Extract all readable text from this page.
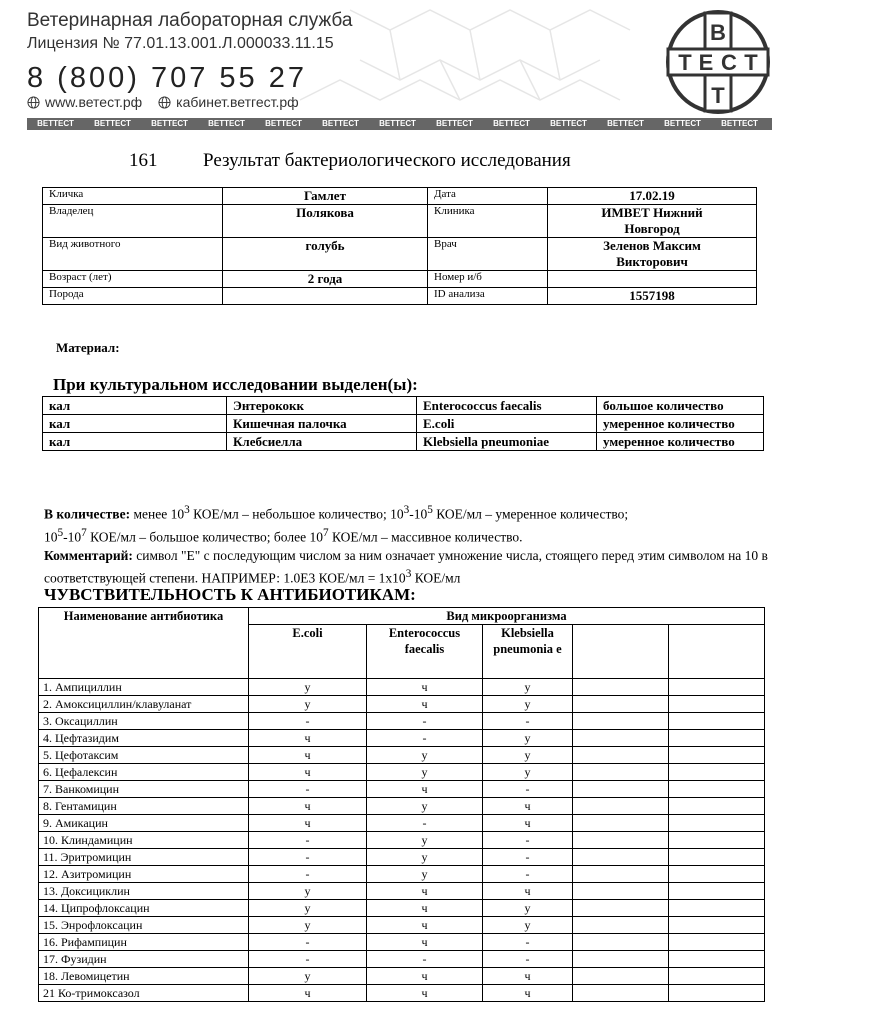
Ветеринарная лабораторная служба
Лицензия № 77.01.13.001.Л.000033.11.15
8 (800) 707 55 27
www.ветест.рф кабинет.ветгест.рф
В
Т Е С Т
Т
ВЕТТЕСТ	ВЕТТЕСТ	ВЕТТЕСТ	ВЕТТЕСТ	ВЕТТЕСТ	ВЕТТЕСТ	ВЕТТЕСТ	ВЕТТЕСТ	ВЕТТЕСТ	ВЕТТЕСТ	ВЕТТЕСТ	ВЕТТЕСТ	ВЕТТЕСТ
161 Результат бактериологического исследования
Кличка	Гамлет	Дата	17.02.19
Владелец	Полякова	Клиника	ИМВЕТ Нижний Новгород
Вид животного	голубь	Врач	Зеленов Максим Викторович
Возраст (лет)	2 года	Номер и/б	
Порода		ID анализа	1557198
Материал:
При культуральном исследовании выделен(ы):
кал	Энтерококк	Enterococcus faecalis	большое количество
кал	Кишечная палочка	E.coli	умеренное количество
кал	Клебсиелла	Klebsiella pneumoniae	умеренное количество
В количестве: менее $10^3$ КОЕ/мл – небольшое количество; $10^3-10^5$ КОЕ/мл – умеренное количество;
$10^5-10^7$ КОЕ/мл – большое количество; более $10^7$ КОЕ/мл – массивное количество.
Комментарий: символ "Е" с последующим числом за ним означает умножение числа, стоящего перед этим символом на 10 в соответствующей степени. НАПРИМЕР: 1.0Е3 $КОЕ/мл = 1x10^3$ КОЕ/мл
ЧУВСТВИТЕЛЬНОСТЬ К АНТИБИОТИКАМ:
Наименование антибиотика	Вид микроорганизма				
	E.coli	Enterococcus faecalis	Klebsiella pneumonia e		
1. Ампициллин	у	ч	у		
2. Амоксициллин/клавуланат	у	ч	у		
3. Оксациллин	-	-	-		
4. Цефтазидим	ч	-	у		
5. Цефотаксим	ч	у	у		
6. Цефалексин	ч	у	у		
7. Ванкомицин	-	ч	-		
8. Гентамицин	ч	у	ч		
9. Амикацин	ч	-	ч		
10. Клиндамицин	-	у	-		
11. Эритромицин	-	у	-		
12. Азитромицин	-	у	-		
13. Доксициклин	у	ч	ч		
14. Ципрофлоксацин	у	ч	у		
15. Энрофлоксацин	у	ч	у		
16. Рифампицин	-	ч	-		
17. Фузидин	-	-	-		
18. Левомицетин	у	ч	ч		
21 Ко-тримоксазол	ч	ч	ч		
